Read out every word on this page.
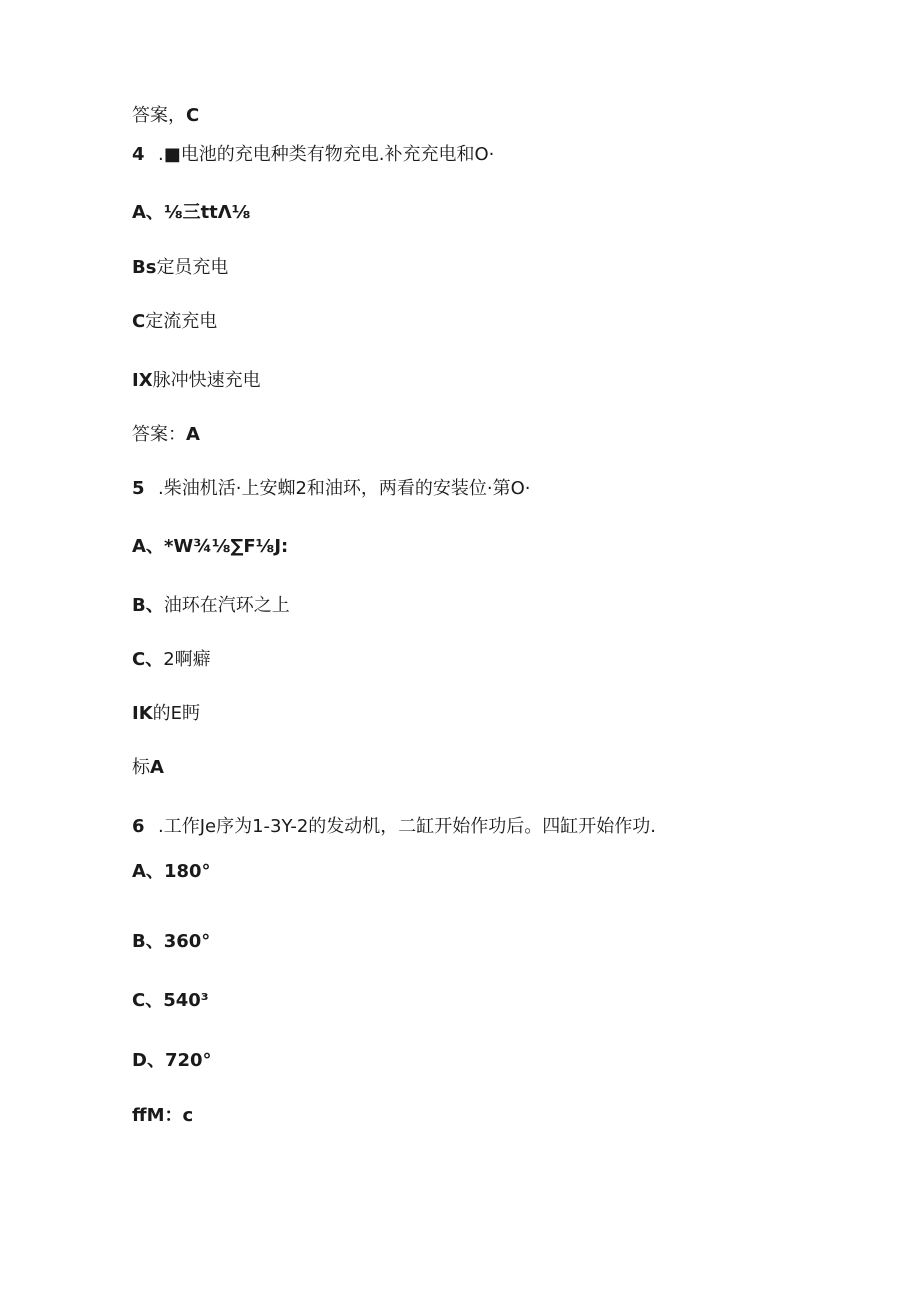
答案，C
4 .■电池的充电种类有物充电.补充充电和O·
A、⅛三ttΛ⅛
Bs定员充电
C定流充电
IX脉冲快速充电
答案：A
5 .柴油机活·上安蜘2和油环，两看的安装位·第O·
A、*W¾⅛∑F⅛J:
B、油环在汽环之上
C、2啊癖
IK的E眄
标A
6 .工作Je序为1-3Y-2的发动机，二缸开始作功后。四缸开始作功.
A、180°
B、360°
C、540³
D、720°
ffM：c
